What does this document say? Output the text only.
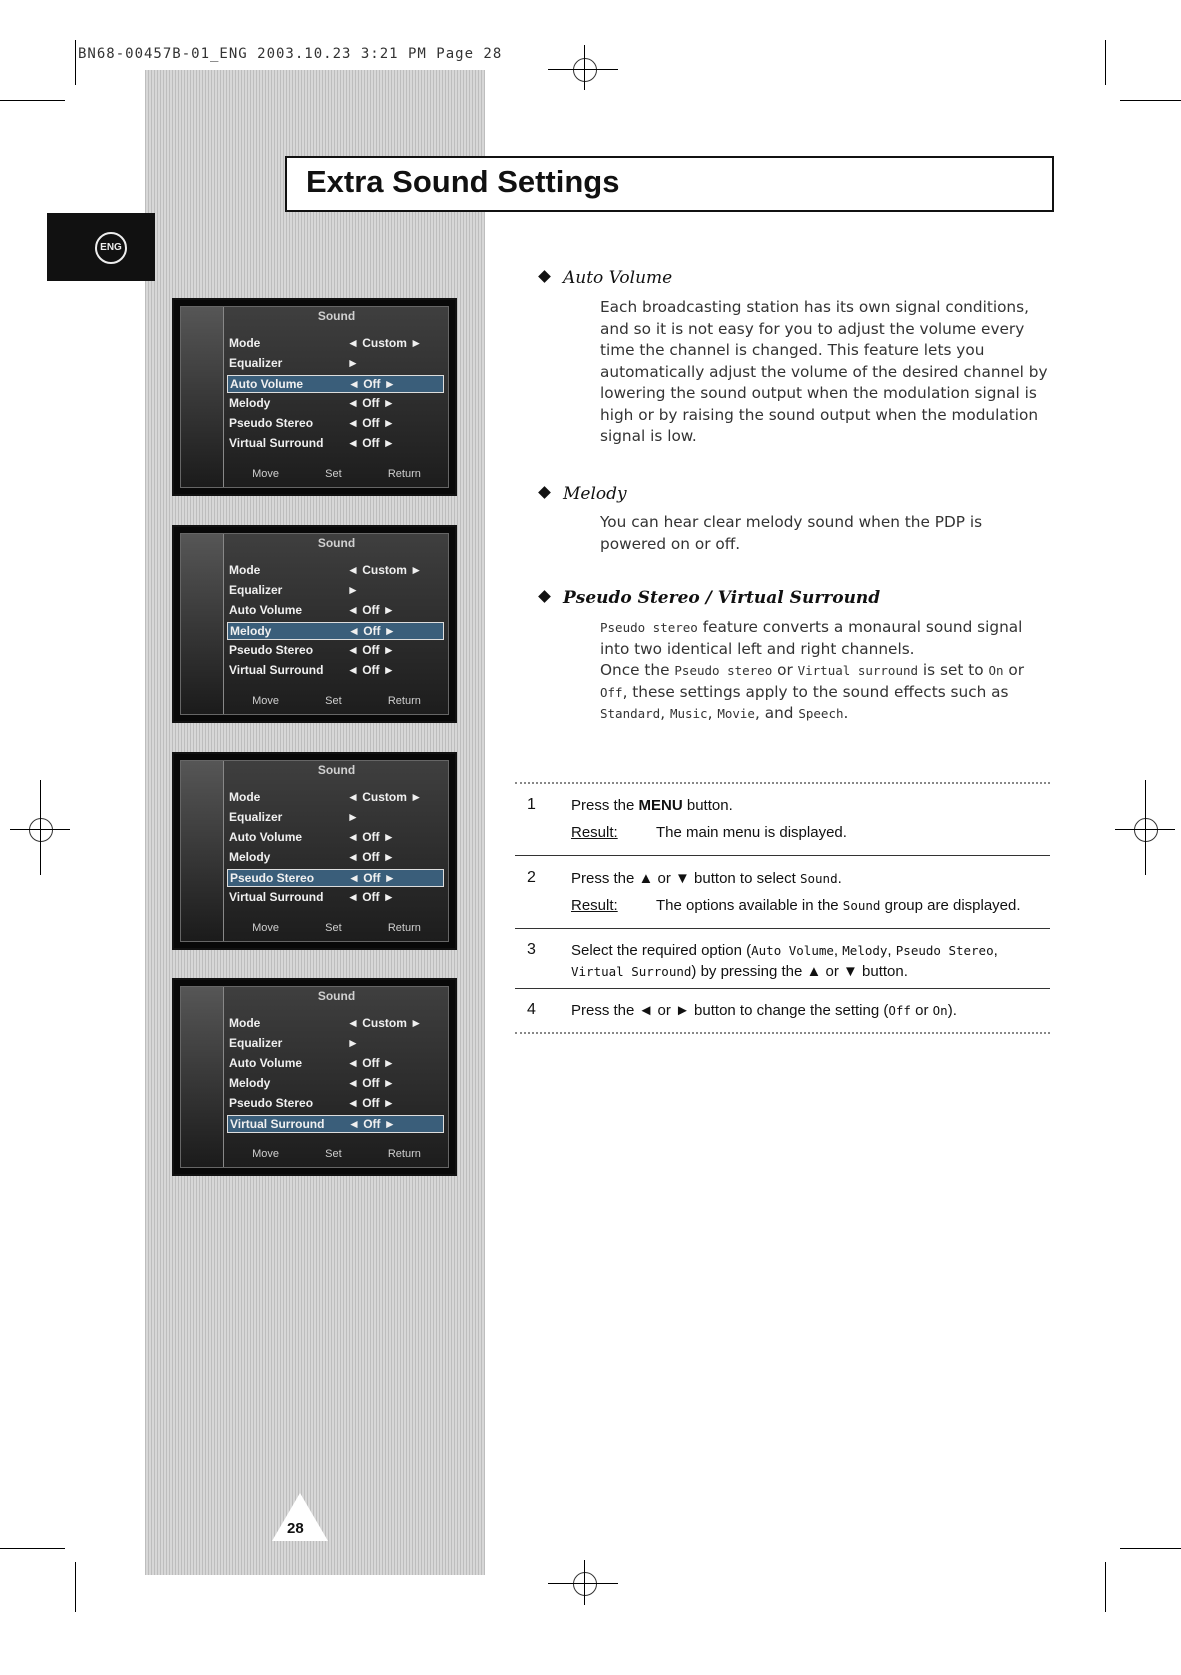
BN68-00457B-01_ENG 2003.10.23 3:21 PM Page 28
Extra Sound Settings
ENG
Sound
Mode	◄ Custom ►
Equalizer	►
Auto Volume	◄ Off ►
Melody	◄ Off ►
Pseudo Stereo	◄ Off ►
Virtual Surround ◄ Off ►
Move	Set	Return
Sound
Mode	◄ Custom ►
Equalizer	►
Auto Volume	◄ Off ►
Melody	◄ Off ►
Pseudo Stereo	◄ Off ►
Virtual Surround ◄ Off ►
Move	Set	Return
Sound
Mode	◄ Custom ►
Equalizer	►
Auto Volume	◄ Off ►
Melody	◄ Off ►
Pseudo Stereo	◄ Off ►
Virtual Surround ◄ Off ►
Move	Set	Return
Sound
Mode	◄ Custom ►
Equalizer	►
Auto Volume	◄ Off ►
Melody	◄ Off ►
Pseudo Stereo	◄ Off ►
Virtual Surround ◄ Off ►
Move	Set	Return
Auto Volume
Each broadcasting station has its own signal conditions, and so it is not easy for you to adjust the volume every time the channel is changed. This feature lets you automatically adjust the volume of the desired channel by lowering the sound output when the modulation signal is high or by raising the sound output when the modulation signal is low.
Melody
You can hear clear melody sound when the PDP is powered on or off.
Pseudo Stereo / Virtual Surround
Pseudo stereo feature converts a monaural sound signal into two identical left and right channels.
Once the Pseudo stereo or Virtual surround is set to On or Off, these settings apply to the sound effects such as Standard, Music, Movie, and Speech.
1 Press the MENU button.
Result:	The main menu is displayed.
2 Press the ▲ or ▼ button to select Sound.
Result:	The options available in the Sound group are displayed.
3 Select the required option (Auto Volume, Melody, Pseudo Stereo, Virtual Surround) by pressing the ▲ or ▼ button.
4 Press the ◄ or ► button to change the setting (Off or On).
28
